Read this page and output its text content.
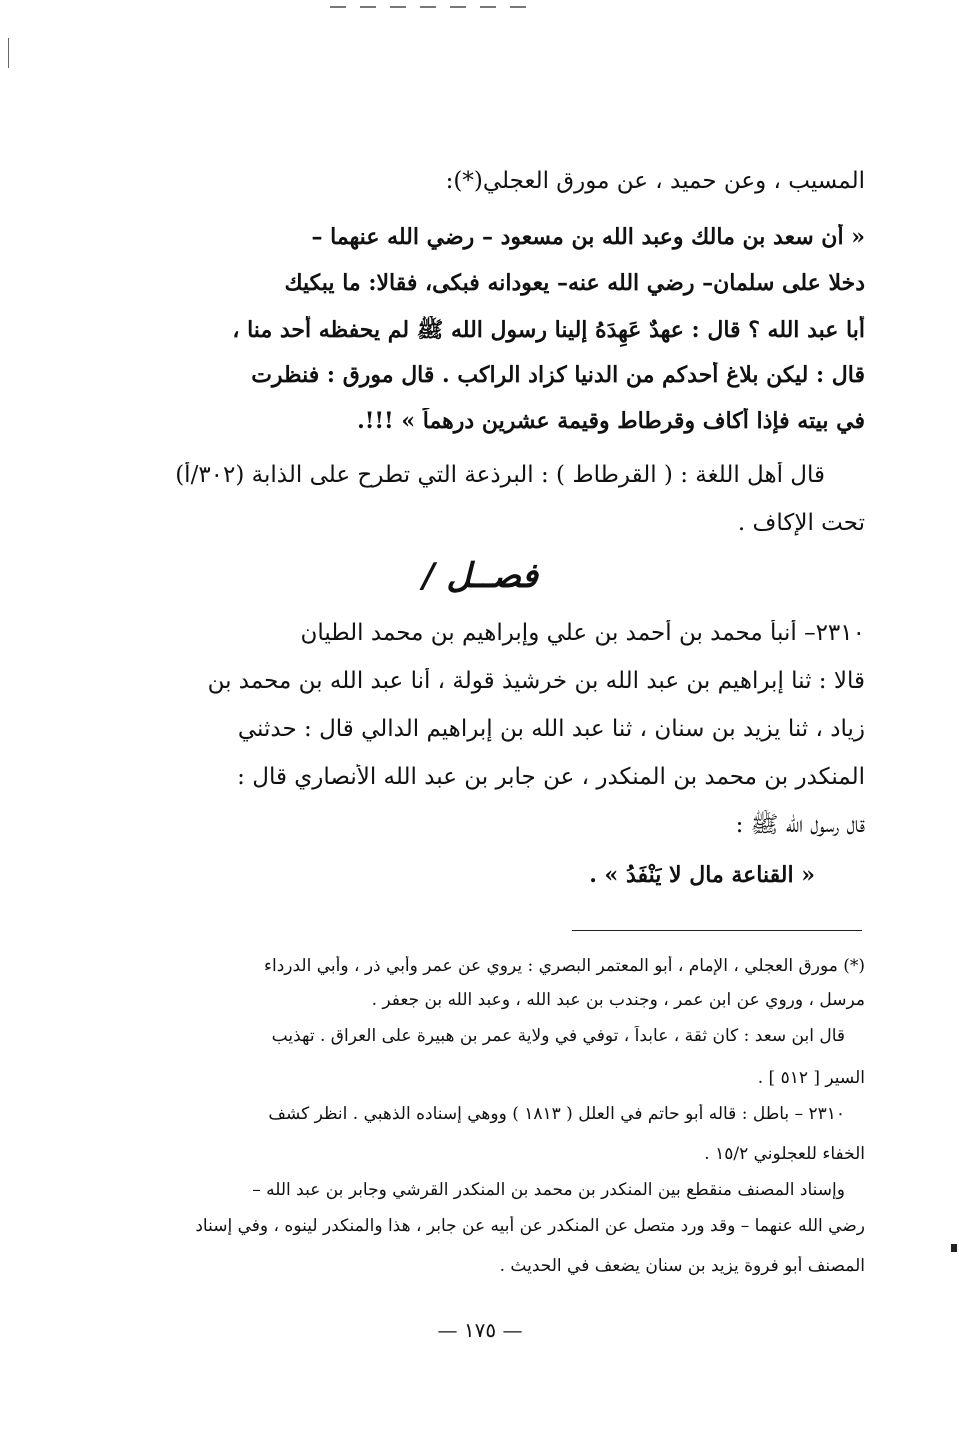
المسيب ، وعن حميد ، عن مورق العجلي(*):
« أن سعد بن مالك وعبد الله بن مسعود – رضي الله عنهما –
دخلا على سلمان– رضي الله عنه– يعودانه فبكى، فقالا: ما يبكيك
أبا عبد الله ؟ قال : عهدٌ عَهِدَهُ إلينا رسول الله ﷺ لم يحفظه أحد منا ،
قال : ليكن بلاغ أحدكم من الدنيا كزاد الراكب . قال مورق : فنظرت
في بيته فإذا أكاف وقرطاط وقيمة عشرين درهماً » !!!.
قال أهل اللغة : ( القرطاط ) : البرذعة التي تطرح على الذابة (٣٠٢/أ)
تحت الإكاف .
٢٣١٠– أنبأ محمد بن أحمد بن علي وإبراهيم بن محمد الطيان
قالا : ثنا إبراهيم بن عبد الله بن خرشيذ قولة ، أنا عبد الله بن محمد بن
زياد ، ثنا يزيد بن سنان ، ثنا عبد الله بن إبراهيم الدالي قال : حدثني
المنكدر بن محمد بن المنكدر ، عن جابر بن عبد الله الأنصاري قال :
قال رسول الله ﷺ :
« القناعة مال لا يَنْفَدُ » .
فصــل /
(*) مورق العجلي ، الإمام ، أبو المعتمر البصري : يروي عن عمر وأبي ذر ، وأبي الدرداء
مرسل ، وروي عن ابن عمر ، وجندب بن عبد الله ، وعبد الله بن جعفر .
قال ابن سعد : كان ثقة ، عابداً ، توفي في ولاية عمر بن هبيرة على العراق . تهذيب
السير [ ٥١٢ ] .
٢٣١٠ – باطل : قاله أبو حاتم في العلل ( ١٨١٣ ) ووهي إسناده الذهبي . انظر كشف
الخفاء للعجلوني ١٥/٢ .
وإسناد المصنف منقطع بين المنكدر بن محمد بن المنكدر القرشي وجابر بن عبد الله –
رضي الله عنهما – وقد ورد متصل عن المنكدر عن أبيه عن جابر ، هذا والمنكدر لينوه ، وفي إسناد
المصنف أبو فروة يزيد بن سنان يضعف في الحديث .
— ١٧٥ —
